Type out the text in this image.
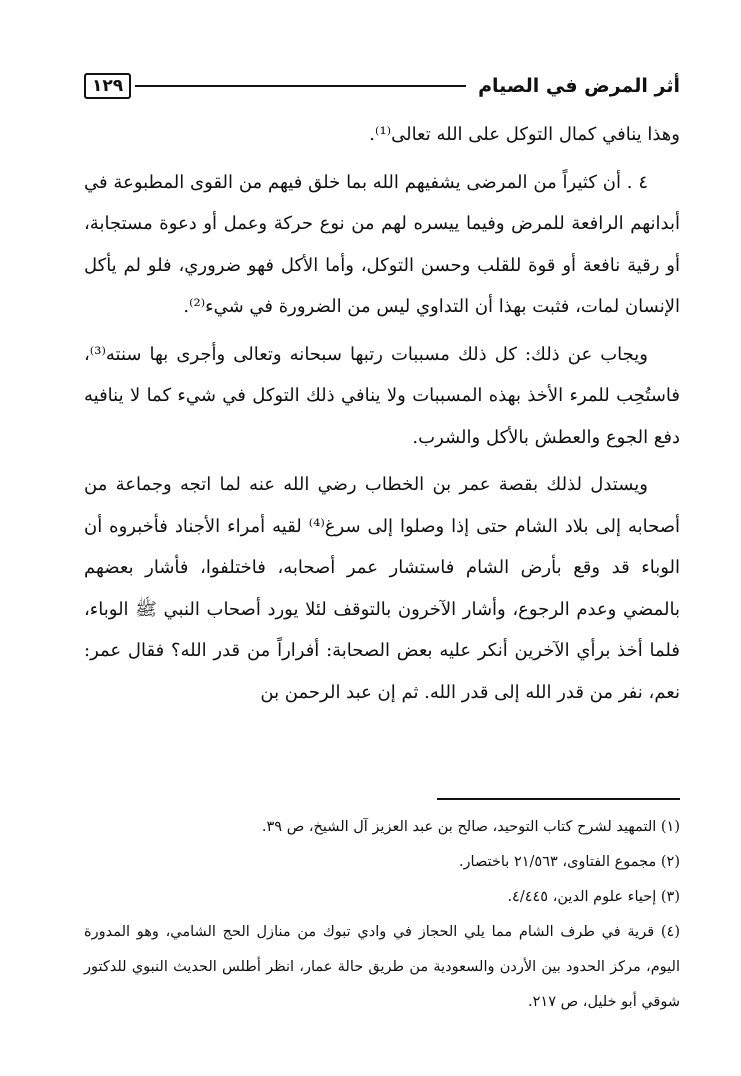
أثر المرض في الصيام
١٢٩

وهذا ينافي كمال التوكل على الله تعالى⁽¹⁾.

٤ . أن كثيراً من المرضى يشفيهم الله بما خلق فيهم من القوى المطبوعة في أبدانهم الرافعة للمرض وفيما ييسره لهم من نوع حركة وعمل أو دعوة مستجابة، أو رقية نافعة أو قوة للقلب وحسن التوكل، وأما الأكل فهو ضروري، فلو لم يأكل الإنسان لمات، فثبت بهذا أن التداوي ليس من الضرورة في شيء⁽²⁾.

ويجاب عن ذلك: كل ذلك مسببات رتبها سبحانه وتعالى وأجرى بها سنته⁽³⁾، فاستُحِب للمرء الأخذ بهذه المسببات ولا ينافي ذلك التوكل في شيء كما لا ينافيه دفع الجوع والعطش بالأكل والشرب.

ويستدل لذلك بقصة عمر بن الخطاب رضي الله عنه لما اتجه وجماعة من أصحابه إلى بلاد الشام حتى إذا وصلوا إلى سرغ⁽⁴⁾ لقيه أمراء الأجناد فأخبروه أن الوباء قد وقع بأرض الشام فاستشار عمر أصحابه، فاختلفوا، فأشار بعضهم بالمضي وعدم الرجوع، وأشار الآخرون بالتوقف لئلا يورد أصحاب النبي ﷺ الوباء، فلما أخذ برأي الآخرين أنكر عليه بعض الصحابة: أفراراً من قدر الله؟ فقال عمر: نعم، نفر من قدر الله إلى قدر الله. ثم إن عبد الرحمن بن

(١) التمهيد لشرح كتاب التوحيد، صالح بن عبد العزيز آل الشيخ، ص ٣٩.

(٢) مجموع الفتاوى، ٢١/٥٦٣ باختصار.

(٣) إحياء علوم الدين، ٤/٤٤٥.

(٤) قرية في طرف الشام مما يلي الحجاز في وادي تبوك من منازل الحج الشامي، وهو المدورة اليوم، مركز الحدود بين الأردن والسعودية من طريق حالة عمار، انظر أطلس الحديث النبوي للدكتور شوقي أبو خليل، ص ٢١٧.
